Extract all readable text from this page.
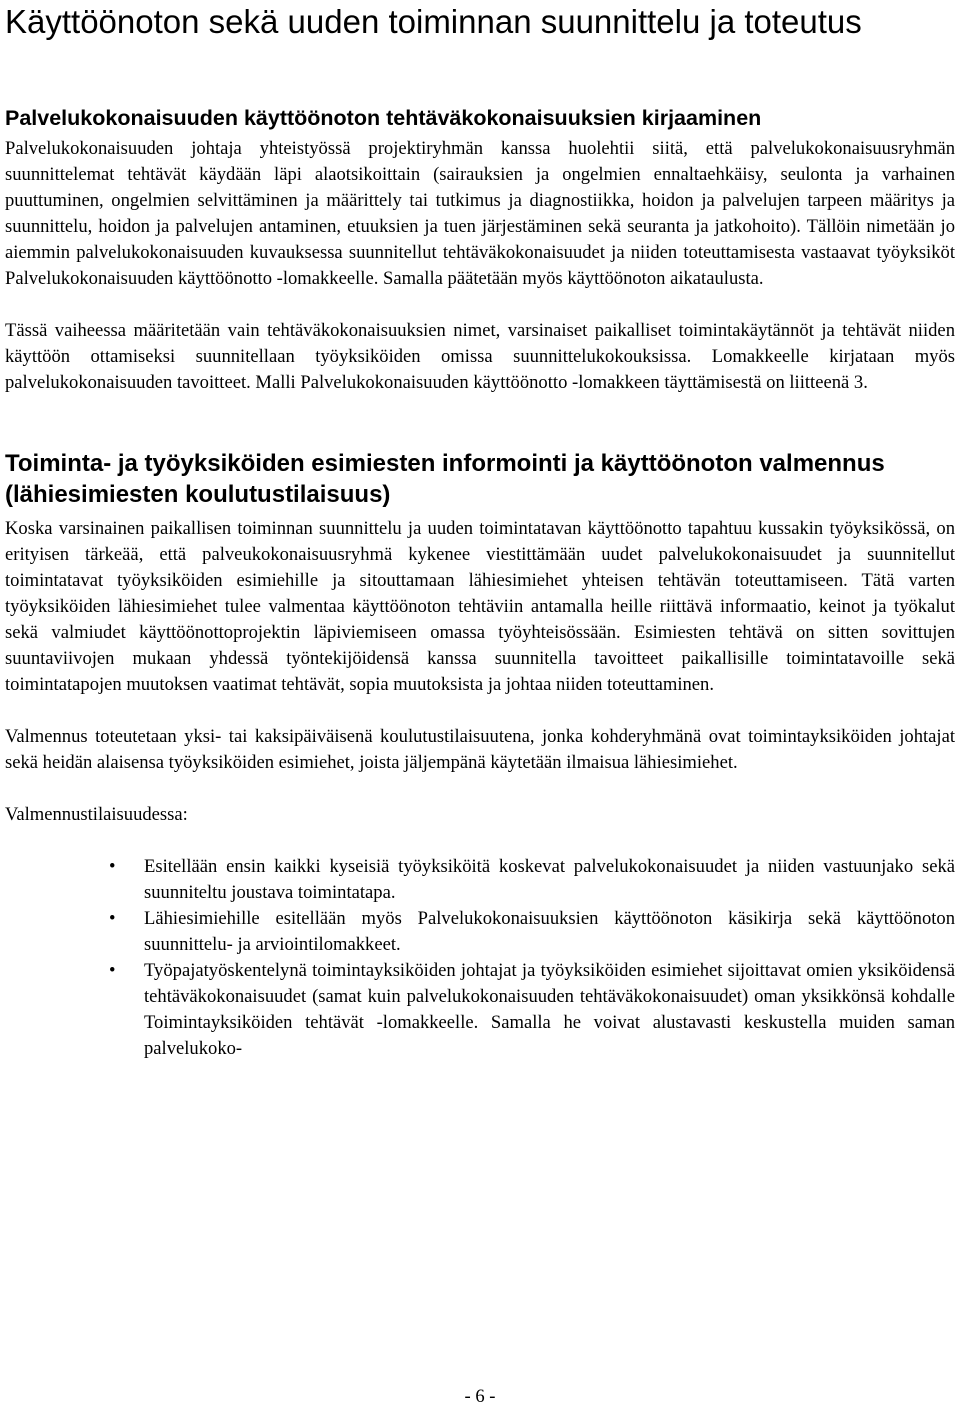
Käyttöönoton sekä uuden toiminnan suunnittelu ja toteutus
Palvelukokonaisuuden käyttöönoton tehtäväkokonaisuuksien kirjaaminen

Palvelukokonaisuuden johtaja yhteistyössä projektiryhmän kanssa huolehtii siitä, että palvelukokonaisuusryhmän suunnittelemat tehtävät käydään läpi alaotsikoittain (sairauksien ja ongelmien ennaltaehkäisy, seulonta ja varhainen puuttuminen, ongelmien selvittäminen ja määrittely tai tutkimus ja diagnostiikka, hoidon ja palvelujen tarpeen määritys ja suunnittelu, hoidon ja palvelujen antaminen, etuuksien ja tuen järjestäminen sekä seuranta ja jatkohoito). Tällöin nimetään jo aiemmin palvelukokonaisuuden kuvauksessa suunnitellut tehtäväkokonaisuudet ja niiden toteuttamisesta vastaavat työyksiköt Palvelukokonaisuuden käyttöönotto -lomakkeelle. Samalla päätetään myös käyttöönoton aikataulusta.

Tässä vaiheessa määritetään vain tehtäväkokonaisuuksien nimet, varsinaiset paikalliset toimintakäytännöt ja tehtävät niiden käyttöön ottamiseksi suunnitellaan työyksiköiden omissa suunnittelukokouksissa. Lomakkeelle kirjataan myös palvelukokonaisuuden tavoitteet. Malli Palvelukokonaisuuden käyttöönotto -lomakkeen täyttämisestä on liitteenä 3.

Toiminta- ja työyksiköiden esimiesten informointi ja käyttöönoton valmennus (lähiesimiesten koulutustilaisuus)

Koska varsinainen paikallisen toiminnan suunnittelu ja uuden toimintatavan käyttöönotto tapahtuu kussakin työyksikössä, on erityisen tärkeää, että palveukokonaisuusryhmä kykenee viestittämään uudet palvelukokonaisuudet ja suunnitellut toimintatavat työyksiköiden esimiehille ja sitouttamaan lähiesimiehet yhteisen tehtävän toteuttamiseen. Tätä varten työyksiköiden lähiesimiehet tulee valmentaa käyttöönoton tehtäviin antamalla heille riittävä informaatio, keinot ja työkalut sekä valmiudet käyttöönottoprojektin läpiviemiseen omassa työyhteisössään. Esimiesten tehtävä on sitten sovittujen suuntaviivojen mukaan yhdessä työntekijöidensä kanssa suunnitella tavoitteet paikallisille toimintatavoille sekä toimintatapojen muutoksen vaatimat tehtävät, sopia muutoksista ja johtaa niiden toteuttaminen.

Valmennus toteutetaan yksi- tai kaksipäiväisenä koulutustilaisuutena, jonka kohderyhmänä ovat toimintayksiköiden johtajat sekä heidän alaisensa työyksiköiden esimiehet, joista jäljempänä käytetään ilmaisua lähiesimiehet.

Valmennustilaisuudessa:

• Esitellään ensin kaikki kyseisiä työyksiköitä koskevat palvelukokonaisuudet ja niiden vastuunjako sekä suunniteltu joustava toimintatapa.
• Lähiesimiehille esitellään myös Palvelukokonaisuuksien käyttöönoton käsikirja sekä käyttöönoton suunnittelu- ja arviointilomakkeet.
• Työpajatyöskentelynä toimintayksiköiden johtajat ja työyksiköiden esimiehet sijoittavat omien yksiköidensä tehtäväkokonaisuudet (samat kuin palvelukokonaisuuden tehtäväkokonaisuudet) oman yksikkönsä kohdalle Toimintayksiköiden tehtävät -lomakkeelle. Samalla he voivat alustavasti keskustella muiden saman palvelukoko-
- 6 -
